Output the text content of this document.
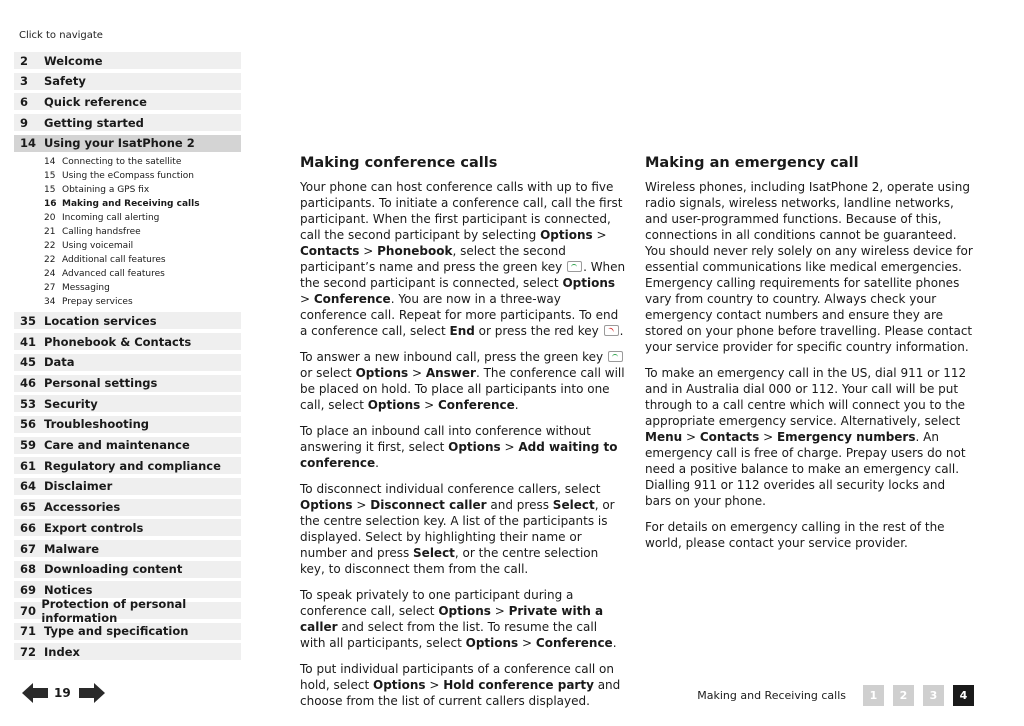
Click to navigate
2	Welcome
3	Safety
6	Quick reference
9	Getting started
14 Using your IsatPhone 2
14 Connecting to the satellite
15 Using the eCompass function
15 Obtaining a GPS fix
16 Making and Receiving calls
20 Incoming call alerting
21 Calling handsfree
22 Using voicemail
22 Additional call features
24 Advanced call features
27 Messaging
34 Prepay services
35 Location services
41 Phonebook & Contacts
45 Data
46 Personal settings
53 Security
56 Troubleshooting
59 Care and maintenance
61 Regulatory and compliance
64 Disclaimer
65 Accessories
66 Export controls
67 Malware
68 Downloading content
69 Notices
70 Protection of personal information
71 Type and specification
72 Index
Making conference calls

Your phone can host conference calls with up to five participants. To initiate a conference call, call the first participant. When the first participant is connected, call the second participant by selecting Options > Contacts > Phonebook, select the second participant’s name and press the green key . When the second participant is connected, select Options > Conference. You are now in a three-way conference call. Repeat for more participants. To end a conference call, select End or press the red key .

To answer a new inbound call, press the green key  or select Options > Answer. The conference call will be placed on hold. To place all participants into one call, select Options > Conference.

To place an inbound call into conference without answering it first, select Options > Add waiting to conference.

To disconnect individual conference callers, select Options > Disconnect caller and press Select, or the centre selection key. A list of the participants is displayed. Select by highlighting their name or number and press Select, or the centre selection key, to disconnect them from the call.

To speak privately to one participant during a conference call, select Options > Private with a caller and select from the list. To resume the call with all participants, select Options > Conference.

To put individual participants of a conference call on hold, select Options > Hold conference party and choose from the list of current callers displayed.

Making an emergency call

Wireless phones, including IsatPhone 2, operate using radio signals, wireless networks, landline networks, and user-programmed functions. Because of this, connections in all conditions cannot be guaranteed. You should never rely solely on any wireless device for essential communications like medical emergencies. Emergency calling requirements for satellite phones vary from country to country. Always check your emergency contact numbers and ensure they are stored on your phone before travelling. Please contact your service provider for specific country information.

To make an emergency call in the US, dial 911 or 112 and in Australia dial 000 or 112. Your call will be put through to a call centre which will connect you to the appropriate emergency service. Alternatively, select Menu > Contacts > Emergency numbers. An emergency call is free of charge. Prepay users do not need a positive balance to make an emergency call. Dialling 911 or 112 overides all security locks and bars on your phone.

For details on emergency calling in the rest of the world, please contact your service provider.

19	Making and Receiving calls	1	2	3	4
